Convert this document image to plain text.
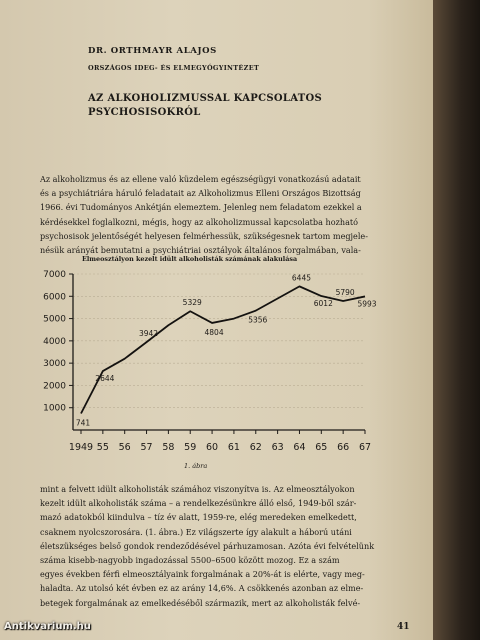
DR. ORTHMAYR ALAJOS
ORSZÁGOS IDEG- ÉS ELMEGYÓGYINTÉZET
AZ ALKOHOLIZMUSSAL KAPCSOLATOS
PSYCHOSISOKRÓL
Az alkoholizmus és az ellene való küzdelem egészségügyi vonatkozású adatait
és a psychiátriára háruló feladatait az Alkoholizmus Elleni Országos Bizottság
1966. évi Tudományos Ankétján elemeztem. Jelenleg nem feladatom ezekkel a
kérdésekkel foglalkozni, mégis, hogy az alkoholizmussal kapcsolatba hozható
psychosisok jelentőségét helyesen felmérhessük, szükségesnek tartom megjele-
nésük arányát bemutatni a psychiátriai osztályok általános forgalmában, vala-
Elmeosztályon kezelt idült alkoholisták számának alakulása
1000
2000
3000
4000
5000
6000
7000
1949 55 56 57 58 59 60 61 62 63 64 65 66 67
741
2644
3942
5329
4804
5356
6445
6012
5790
5993
1. ábra
mint a felvett idült alkoholisták számához viszonyítva is. Az elmeosztályokon
kezelt idült alkoholisták száma – a rendelkezésünkre álló első, 1949-ből szár-
mazó adatokból kiindulva – tíz év alatt, 1959-re, elég meredeken emelkedett,
csaknem nyolcszorosára. (1. ábra.) Ez világszerte így alakult a háború utáni
életszükséges belső gondok rendeződésével párhuzamosan. Azóta évi felvételünk
száma kisebb-nagyobb ingadozással 5500–6500 között mozog. Ez a szám
egyes években férfi elmeosztályaink forgalmának a 20%-át is elérte, vagy meg-
haladta. Az utolsó két évben ez az arány 14,6%. A csökkenés azonban az elme-
betegek forgalmának az emelkedéséből származik, mert az alkoholisták felvé-
41
Antikvarium.hu
